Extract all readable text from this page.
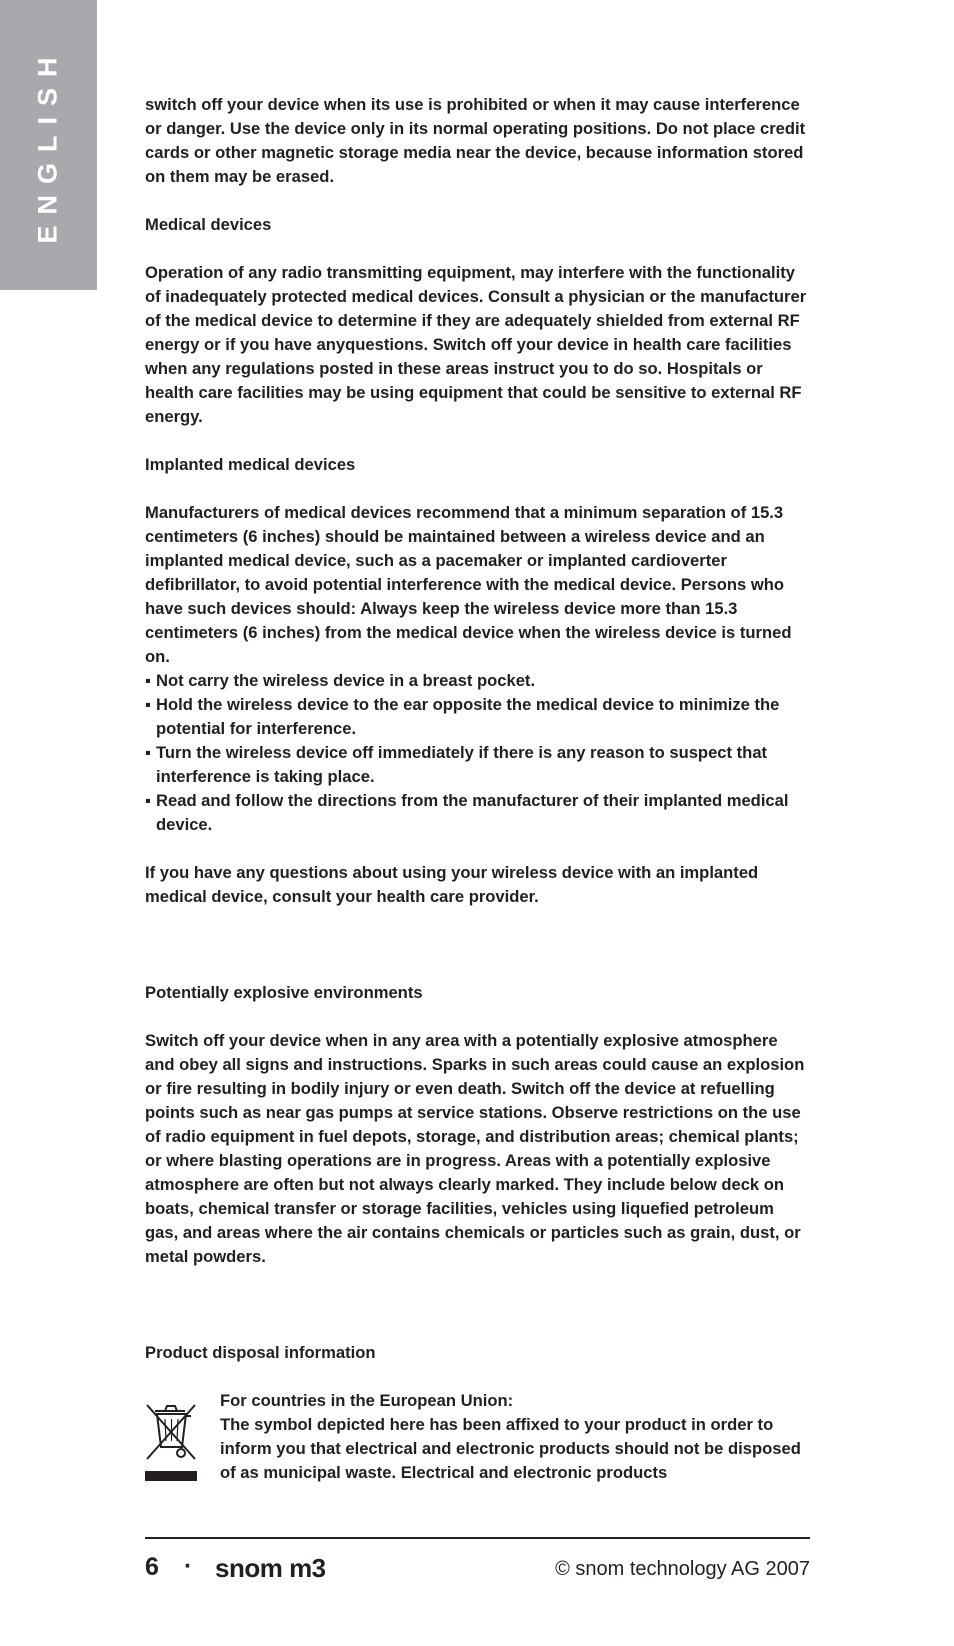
ENGLISH	switch off your device when its use is prohibited or when it may cause interference or danger. Use the device only in its normal operating positions. Do not place credit cards or other magnetic storage media near the device, because information stored on them may be erased.

Medical devices

Operation of any radio transmitting equipment, may interfere with the functionality of inadequately protected medical devices. Consult a physician or the manufacturer of the medical device to determine if they are adequately shielded from external RF energy or if you have anyquestions. Switch off your device in health care facilities when any regulations posted in these areas instruct you to do so. Hospitals or health care facilities may be using equipment that could be sensitive to external RF energy.

Implanted medical devices

Manufacturers of medical devices recommend that a minimum separation of 15.3 centimeters (6 inches) should be maintained between a wireless device and an implanted medical device, such as a pacemaker or implanted cardioverter defibrillator, to avoid potential interference with the medical device. Persons who have such devices should: Always keep the wireless device more than 15.3 centimeters (6 inches) from the medical device when the wireless device is turned on.

▪ Not carry the wireless device in a breast pocket.
▪ Hold the wireless device to the ear opposite the medical device to minimize the potential for interference.
▪ Turn the wireless device off immediately if there is any reason to suspect that interference is taking place.
▪ Read and follow the directions from the manufacturer of their implanted medical device.

If you have any questions about using your wireless device with an implanted medical device, consult your health care provider.

Potentially explosive environments

Switch off your device when in any area with a potentially explosive atmosphere and obey all signs and instructions. Sparks in such areas could cause an explosion or fire resulting in bodily injury or even death. Switch off the device at refuelling points such as near gas pumps at service stations. Observe restrictions on the use of radio equipment in fuel depots, storage, and distribution areas; chemical plants; or where blasting operations are in progress. Areas with a potentially explosive atmosphere are often but not always clearly marked. They include below deck on boats, chemical transfer or storage facilities, vehicles using liquefied petroleum gas, and areas where the air contains chemicals or particles such as grain, dust, or metal powders.

Product disposal information

For countries in the European Union:

The symbol depicted here has been affixed to your product in order to inform you that electrical and electronic products should not be disposed of as municipal waste. Electrical and electronic products

6 · snom m3	© snom technology AG 2007
